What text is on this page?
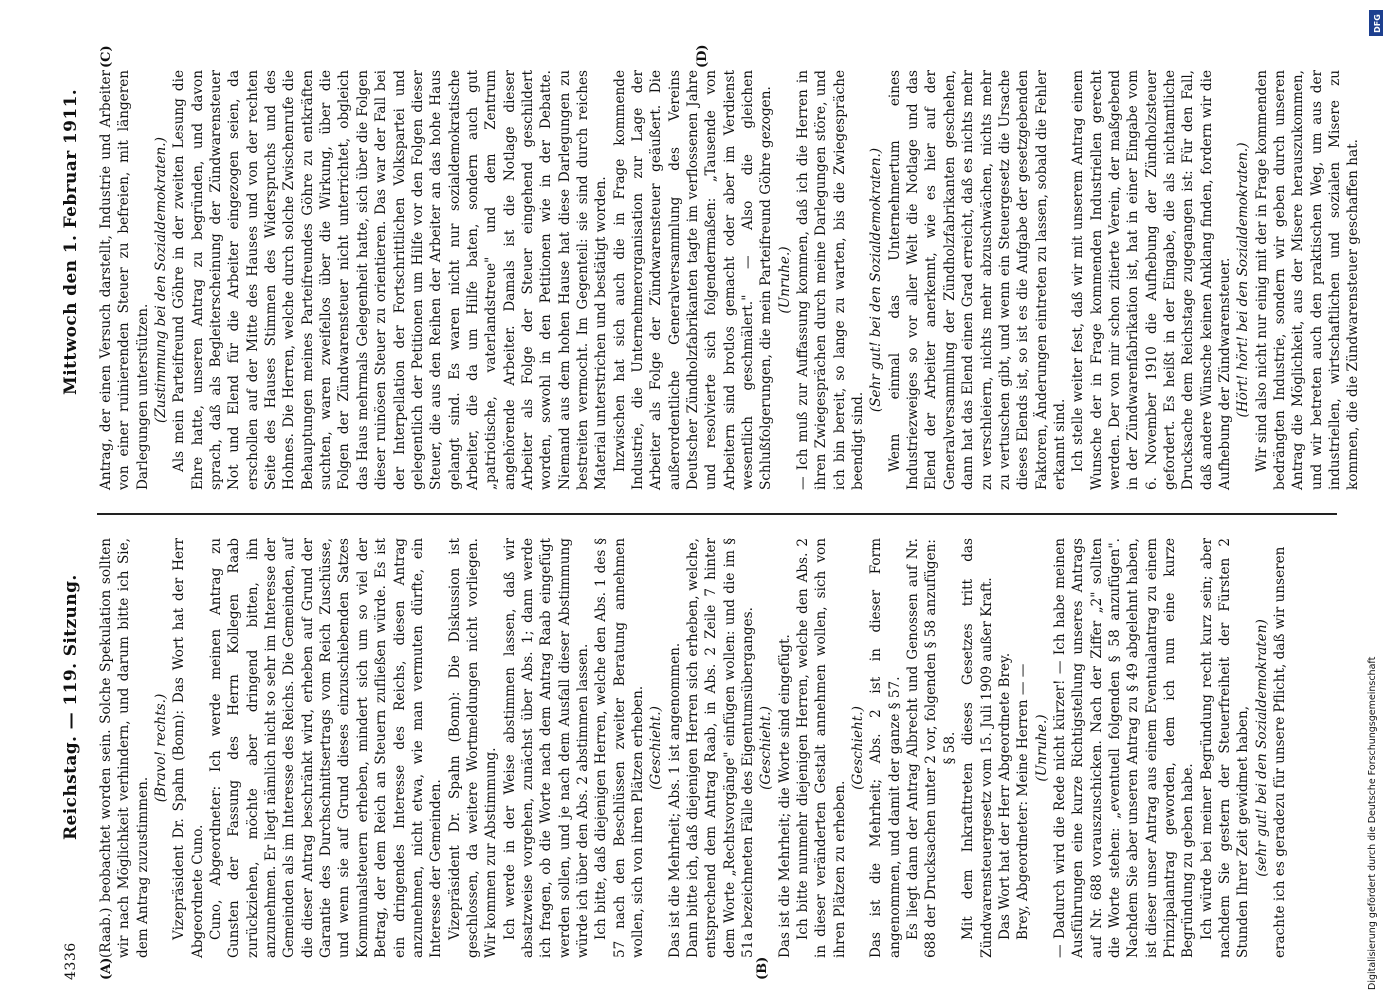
4336
Reichstag. — 119. Sitzung.
Mittwoch den 1. Februar 1911.
(A)	(B)
(C)	(D)

(Raab.) beobachtet worden sein. Solche Spekulation sollten wir nach Möglichkeit verhindern, und darum bitte ich Sie, dem Antrag zuzustimmen.

(Bravo! rechts.) Vizepräsident Dr. Spahn (Bonn): Das Wort hat der Herr Abgeordnete Cuno. Cuno, Abgeordneter: Ich werde meinen Antrag zu Gunsten der Fassung des Herrn Kollegen Raab zurückziehen, möchte aber dringend bitten, ihn anzunehmen. Er liegt nämlich nicht so sehr im Interesse der Gemeinden als im Interesse des Reichs. Die Gemeinden, auf die dieser Antrag beschränkt wird, erheben auf Grund der Garantie des Durchschnittsertrags vom Reich Zuschüsse, und wenn sie auf Grund dieses einzuschiebenden Satzes Kommunalsteuern erheben, mindert sich um so viel der Betrag, der dem Reich an Steuern zufließen würde. Es ist ein dringendes Interesse des Reichs, diesen Antrag anzunehmen, nicht etwa, wie man vermuten dürfte, ein Interesse der Gemeinden. Vizepräsident Dr. Spahn (Bonn): Die Diskussion ist geschlossen, da weitere Wortmeldungen nicht vorliegen. Wir kommen zur Abstimmung. Ich werde in der Weise abstimmen lassen, daß wir absatzweise vorgehen, zunächst über Abs. 1; dann werde ich fragen, ob die Worte nach dem Antrag Raab eingefügt werden sollen, und je nach dem Ausfall dieser Abstimmung würde ich über den Abs. 2 abstimmen lassen. Ich bitte, daß diejenigen Herren, welche den Abs. 1 des § 57 nach den Beschlüssen zweiter Beratung annehmen wollen, sich von ihren Plätzen erheben. (Geschieht.) Das ist die Mehrheit; Abs. 1 ist angenommen. Dann bitte ich, daß diejenigen Herren sich erheben, welche, entsprechend dem Antrag Raab, in Abs. 2 Zeile 7 hinter dem Worte „Rechtsvorgänge" einfügen wollen: und die im § 51a bezeichneten Fälle des Eigentumsüberganges. (Geschieht.) Das ist die Mehrheit; die Worte sind eingefügt. Ich bitte nunmehr diejenigen Herren, welche den Abs. 2 in dieser veränderten Gestalt annehmen wollen, sich von ihren Plätzen zu erheben.

(Geschieht.) Das ist die Mehrheit; Abs. 2 ist in dieser Form angenommen, und damit der ganze § 57. Es liegt dann der Antrag Albrecht und Genossen auf Nr. 688 der Drucksachen unter 2 vor, folgenden § 58 anzufügen: § 58. Mit dem Inkrafttreten dieses Gesetzes tritt das Zündwarensteuergesetz vom 15. Juli 1909 außer Kraft. Das Wort hat der Herr Abgeordnete Brey. Brey, Abgeordneter: Meine Herren — — (Unruhe.) — Dadurch wird die Rede nicht kürzer! — Ich habe meinen Ausführungen eine kurze Richtigstellung unseres Antrags auf Nr. 688 vorauszuschicken. Nach der Ziffer „2" sollten die Worte stehen: „eventuell folgenden § 58 anzufügen". Nachdem Sie aber unseren Antrag zu § 49 abgelehnt haben, ist dieser unser Antrag aus einem Eventualantrag zu einem Prinzipalantrag geworden, dem ich nun eine kurze Begründung zu geben habe. Ich würde bei meiner Begründung recht kurz sein; aber nachdem Sie gestern der Steuerfreiheit der Fürsten 2 Stunden Ihrer Zeit gewidmet haben, (sehr gut! bei den Sozialdemokraten) erachte ich es geradezu für unsere Pflicht, daß wir unseren

Antrag, der einen Versuch darstellt, Industrie und Arbeiter von einer ruinierenden Steuer zu befreien, mit längeren Darlegungen unterstützen. (Zustimmung bei den Sozialdemokraten.) Als mein Parteifreund Göhre in der zweiten Lesung die Ehre hatte, unseren Antrag zu begründen, und davon sprach, daß als Begleiterscheinung der Zündwarensteuer Not und Elend für die Arbeiter eingezogen seien, da erschollen auf der Mitte des Hauses und von der rechten Seite des Hauses Stimmen des Widerspruchs und des Hohnes. Die Herren, welche durch solche Zwischenrufe die Behauptungen meines Parteifreundes Göhre zu entkräften suchten, waren zweifellos über die Wirkung, über die Folgen der Zündwarensteuer nicht unterrichtet, obgleich das Haus mehrmals Gelegenheit hatte, sich über die Folgen dieser ruinösen Steuer zu orientieren. Das war der Fall bei der Interpellation der Fortschrittlichen Volkspartei und gelegentlich der Petitionen um Hilfe vor den Folgen dieser Steuer, die aus den Reihen der Arbeiter an das hohe Haus gelangt sind. Es waren nicht nur sozialdemokratische Arbeiter, die da um Hilfe baten, sondern auch gut „patriotische, vaterlandstreue" und dem Zentrum angehörende Arbeiter. Damals ist die Notlage dieser Arbeiter als Folge der Steuer eingehend geschildert worden, sowohl in den Petitionen wie in der Debatte. Niemand aus dem hohen Hause hat diese Darlegungen zu bestreiten vermocht. Im Gegenteil: sie sind durch reiches Material unterstrichen und bestätigt worden. Inzwischen hat sich auch die in Frage kommende Industrie, die Unternehmerorganisation zur Lage der Arbeiter als Folge der Zündwarensteuer geäußert. Die außerordentliche Generalversammlung des Vereins Deutscher Zündholzfabrikanten tagte im verflossenen Jahre und resolvierte sich folgendermaßen: „Tausende von Arbeitern sind brotlos gemacht oder aber im Verdienst wesentlich geschmälert." — Also die gleichen Schlußfolgerungen, die mein Parteifreund Göhre gezogen. (Unruhe.) — Ich muß zur Auffassung kommen, daß ich die Herren in ihren Zwiegesprächen durch meine Darlegungen störe, und ich bin bereit, so lange zu warten, bis die Zwiegespräche beendigt sind.

(Sehr gut! bei den Sozialdemokraten.) Wenn einmal das Unternehmertum eines Industriezweiges so vor aller Welt die Notlage und das Elend der Arbeiter anerkennt, wie es hier auf der Generalversammlung der Zündholzfabrikanten geschehen, dann hat das Elend einen Grad erreicht, daß es nichts mehr zu verschleiern, nichts mehr abzuschwächen, nichts mehr zu vertuschen gibt, und wenn ein Steuergesetz die Ursache dieses Elends ist, so ist es die Aufgabe der gesetzgebenden Faktoren, Änderungen eintreten zu lassen, sobald die Fehler erkannt sind. Ich stelle weiter fest, daß wir mit unserem Antrag einem Wunsche der in Frage kommenden Industriellen gerecht werden. Der von mir schon zitierte Verein, der maßgebend in der Zündwarenfabrikation ist, hat in einer Eingabe vom 6. November 1910 die Aufhebung der Zündholzsteuer gefordert. Es heißt in der Eingabe, die als nichtamtliche Drucksache dem Reichstage zugegangen ist: Für den Fall, daß andere Wünsche keinen Anklang finden, fordern wir die Aufhebung der Zündwarensteuer. (Hört! hört! bei den Sozialdemokraten.) Wir sind also nicht nur einig mit der in Frage kommenden bedrängten Industrie, sondern wir geben durch unseren Antrag die Möglichkeit, aus der Misere herauszukommen, und wir betreten auch den praktischen Weg, um aus der industriellen, wirtschaftlichen und sozialen Misere zu kommen, die die Zündwarensteuer geschaffen hat.

DFG
Digitalisierung gefördert durch die Deutsche Forschungsgemeinschaft
